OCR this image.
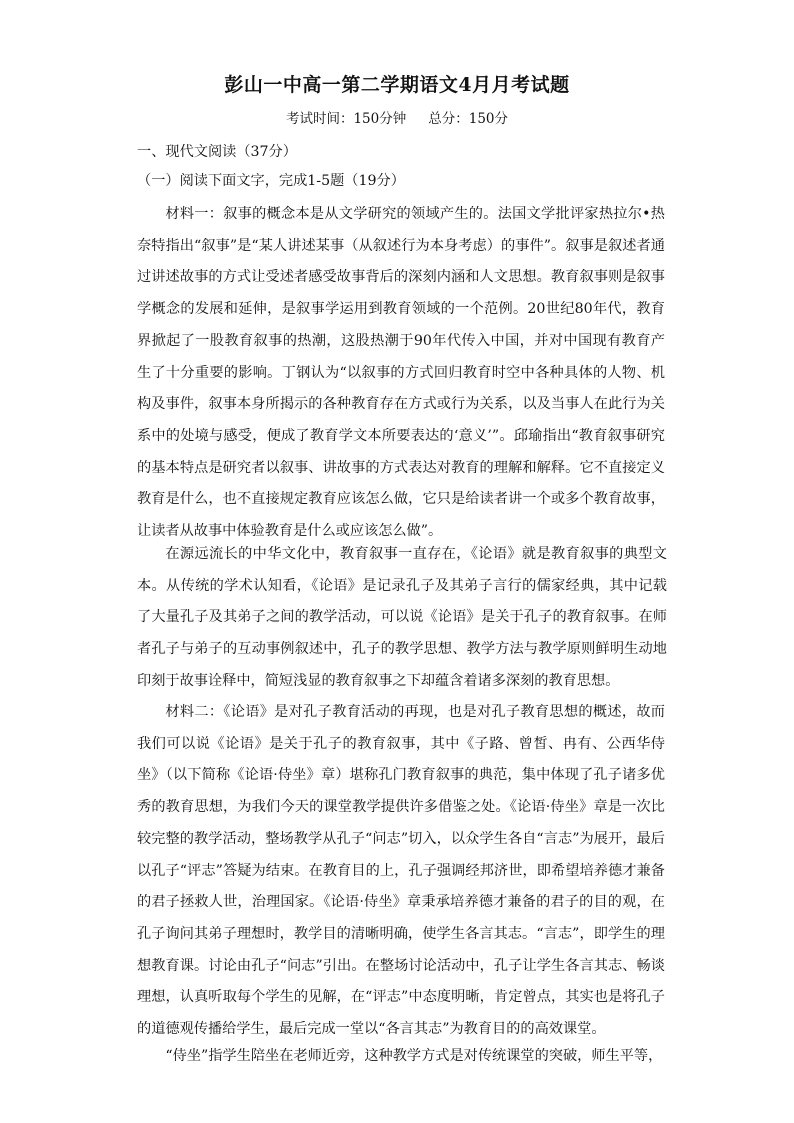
彭山一中高一第二学期语文4月月考试题
考试时间：150分钟 总分：150分
一、现代文阅读（37分）
（一）阅读下面文字，完成1-5题（19分）
材料一：叙事的概念本是从文学研究的领域产生的。法国文学批评家热拉尔•热奈特指出“叙事”是“某人讲述某事（从叙述行为本身考虑）的事件”。叙事是叙述者通过讲述故事的方式让受述者感受故事背后的深刻内涵和人文思想。教育叙事则是叙事学概念的发展和延伸，是叙事学运用到教育领域的一个范例。20世纪80年代，教育界掀起了一股教育叙事的热潮，这股热潮于90年代传入中国，并对中国现有教育产生了十分重要的影响。丁钢认为“以叙事的方式回归教育时空中各种具体的人物、机构及事件，叙事本身所揭示的各种教育存在方式或行为关系，以及当事人在此行为关系中的处境与感受，便成了教育学文本所要表达的‘意义’”。邱瑜指出“教育叙事研究的基本特点是研究者以叙事、讲故事的方式表达对教育的理解和解释。它不直接定义教育是什么，也不直接规定教育应该怎么做，它只是给读者讲一个或多个教育故事，让读者从故事中体验教育是什么或应该怎么做”。
在源远流长的中华文化中，教育叙事一直存在，《论语》就是教育叙事的典型文本。从传统的学术认知看，《论语》是记录孔子及其弟子言行的儒家经典，其中记载了大量孔子及其弟子之间的教学活动，可以说《论语》是关于孔子的教育叙事。在师者孔子与弟子的互动事例叙述中，孔子的教学思想、教学方法与教学原则鲜明生动地印刻于故事诠释中，简短浅显的教育叙事之下却蕴含着诸多深刻的教育思想。
材料二：《论语》是对孔子教育活动的再现，也是对孔子教育思想的概述，故而我们可以说《论语》是关于孔子的教育叙事，其中《子路、曾皙、冉有、公西华侍坐》（以下简称《论语·侍坐》章）堪称孔门教育叙事的典范，集中体现了孔子诸多优秀的教育思想，为我们今天的课堂教学提供许多借鉴之处。《论语·侍坐》章是一次比较完整的教学活动，整场教学从孔子“问志”切入，以众学生各自“言志”为展开，最后以孔子“评志”答疑为结束。在教育目的上，孔子强调经邦济世，即希望培养德才兼备的君子拯救人世，治理国家。《论语·侍坐》章秉承培养德才兼备的君子的目的观，在孔子询问其弟子理想时，教学目的清晰明确，使学生各言其志。“言志”，即学生的理想教育课。讨论由孔子“问志”引出。在整场讨论活动中，孔子让学生各言其志、畅谈理想，认真听取每个学生的见解，在“评志”中态度明晰，肯定曾点，其实也是将孔子的道德观传播给学生，最后完成一堂以“各言其志”为教育目的的高效课堂。
“侍坐”指学生陪坐在老师近旁，这种教学方式是对传统课堂的突破，师生平等，
